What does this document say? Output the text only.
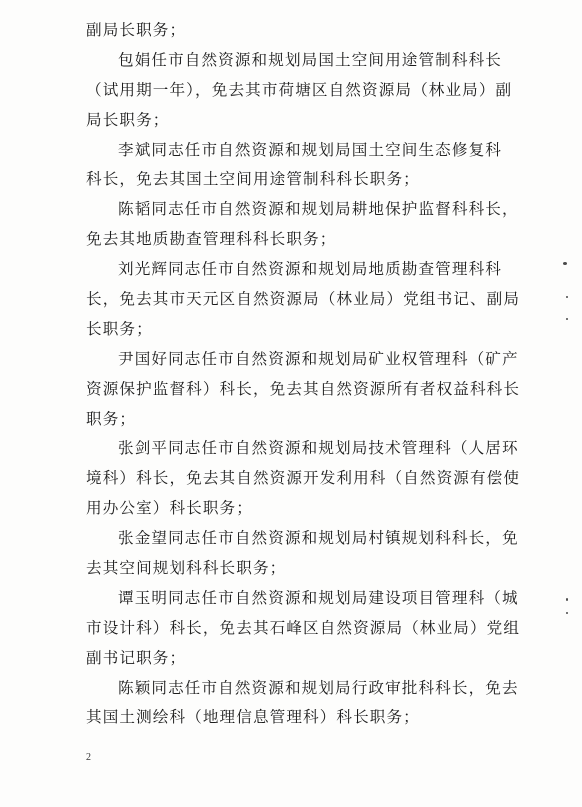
副局长职务；
包娟任市自然资源和规划局国土空间用途管制科科长
（试用期一年），免去其市荷塘区自然资源局（林业局）副
局长职务；
李斌同志任市自然资源和规划局国土空间生态修复科
科长，免去其国土空间用途管制科科长职务；
陈韬同志任市自然资源和规划局耕地保护监督科科长，
免去其地质勘查管理科科长职务；
刘光辉同志任市自然资源和规划局地质勘查管理科科
长，免去其市天元区自然资源局（林业局）党组书记、副局
长职务；
尹国好同志任市自然资源和规划局矿业权管理科（矿产
资源保护监督科）科长，免去其自然资源所有者权益科科长
职务；
张剑平同志任市自然资源和规划局技术管理科（人居环
境科）科长，免去其自然资源开发利用科（自然资源有偿使
用办公室）科长职务；
张金望同志任市自然资源和规划局村镇规划科科长，免
去其空间规划科科长职务；
谭玉明同志任市自然资源和规划局建设项目管理科（城
市设计科）科长，免去其石峰区自然资源局（林业局）党组
副书记职务；
陈颖同志任市自然资源和规划局行政审批科科长，免去
其国土测绘科（地理信息管理科）科长职务；
2
